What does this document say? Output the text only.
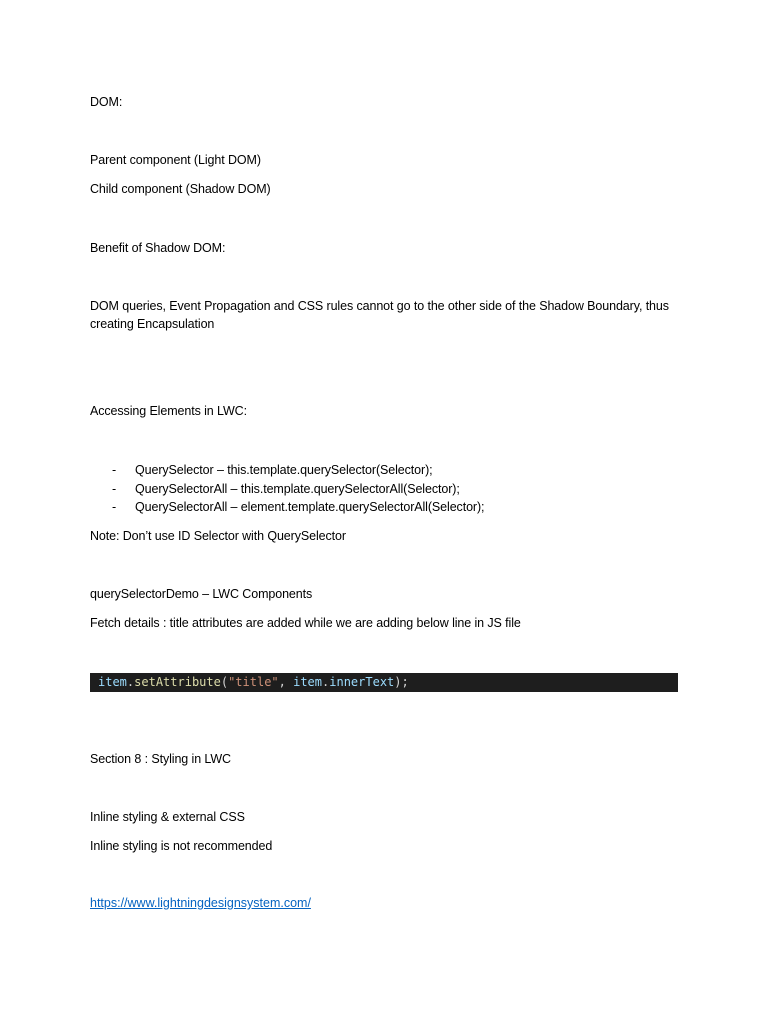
DOM:
Parent component (Light DOM)
Child component (Shadow DOM)
Benefit of Shadow DOM:
DOM queries, Event Propagation and CSS rules cannot go to the other side of the Shadow Boundary, thus creating Encapsulation
Accessing Elements in LWC:
- QuerySelector – this.template.querySelector(Selector);
- QuerySelectorAll – this.template.querySelectorAll(Selector);
- QuerySelectorAll – element.template.querySelectorAll(Selector);
Note: Don’t use ID Selector with QuerySelector
querySelectorDemo – LWC Components
Fetch details : title attributes are added while we are adding below line in JS file
item.setAttribute("title", item.innerText);
Section 8 : Styling in LWC
Inline styling & external CSS
Inline styling is not recommended
https://www.lightningdesignsystem.com/
